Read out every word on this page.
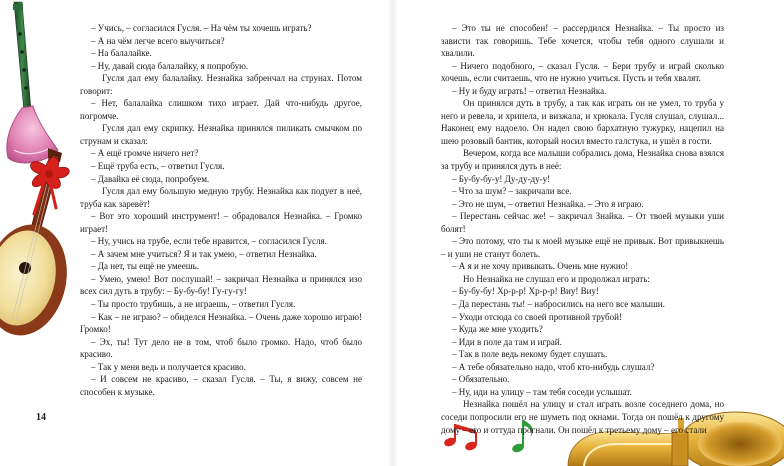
– Учись, – согласился Гусля. – На чём ты хочешь играть?

– А на чём легче всего выучиться?

– На балалайке.

– Ну, давай сюда балалайку, я попробую.

Гусля дал ему балалайку. Незнайка забренчал на струнах. Потом говорит:

– Нет, балалайка слишком тихо играет. Дай что-нибудь другое, погромче.

Гусля дал ему скрипку. Незнайка принялся пиликать смычком по струнам и сказал:

– А ещё громче ничего нет?

– Ещё труба есть, – ответил Гусля.

– Давайка её сюда, попробуем.

Гусля дал ему большую медную трубу. Незнайка как подует в неё, труба как заревёт!

– Вот это хороший инструмент! – обрадовался Незнайка. – Громко играет!

– Ну, учись на трубе, если тебе нравится, – согласился Гусля.

– А зачем мне учиться? Я и так умею, – ответил Незнайка.

– Да нет, ты ещё не умеешь.

– Умею, умею! Вот послушай! – закричал Незнайка и принялся изо всех сил дуть в трубу: – Бу-бу-бу! Гу-гу-гу!

– Ты просто трубишь, а не играешь, – ответил Гусля.

– Как – не играю? – обиделся Незнайка. – Очень даже хорошо играю! Громко!

– Эх, ты! Тут дело не в том, чтоб было громко. Надо, чтоб было красиво.

– Так у меня ведь и получается красиво.

– И совсем не красиво, – сказал Гусля. – Ты, я вижу, совсем не способен к музыке.

– Это ты не способен! – рассердился Незнайка. – Ты просто из зависти так говоришь. Тебе хочется, чтобы тебя одного слушали и хвалили.

– Ничего подобного, – сказал Гусля. – Бери трубу и играй сколько хочешь, если считаешь, что не нужно учиться. Пусть и тебя хвалят.

– Ну и буду играть! – ответил Незнайка.

Он принялся дуть в трубу, а так как играть он не умел, то труба у него и ревела, и хрипела, и визжала, и хрюкала. Гусля слушал, слушал... Наконец ему надоело. Он надел свою бархатную тужурку, нацепил на шею розовый бантик, который носил вместо галстука, и ушёл в гости.

Вечером, когда все малыши собрались дома, Незнайка снова взялся за трубу и принялся дуть в неё:

– Бу-бу-бу-у! Ду-ду-ду-у!

– Что за шум? – закричали все.

– Это не шум, – ответил Незнайка. – Это я играю.

– Перестань сейчас же! – закричал Знайка. – От твоей музыки уши болят!

– Это потому, что ты к моей музыке ещё не привык. Вот привыкнешь – и уши не станут болеть.

– А я и не хочу привыкать. Очень мне нужно!

Но Незнайка не слушал его и продолжал играть:

– Бу-бу-бу! Хр-р-р! Хр-р-р! Виу! Виу!

– Да перестань ты! – набросились на него все малыши.

– Уходи отсюда со своей противной трубой!

– Куда же мне уходить?

– Иди в поле да там и играй.

– Так в поле ведь некому будет слушать.

– А тебе обязательно надо, чтоб кто-нибудь слушал?

– Обязательно.

– Ну, иди на улицу – там тебя соседи услышат.

Незнайка пошёл на улицу и стал играть возле соседнего дома, но соседи попросили его не шуметь под окнами. Тогда он пошёл к другому дому – его и оттуда прогнали. Он пошёл к третьему дому – его стали

14
